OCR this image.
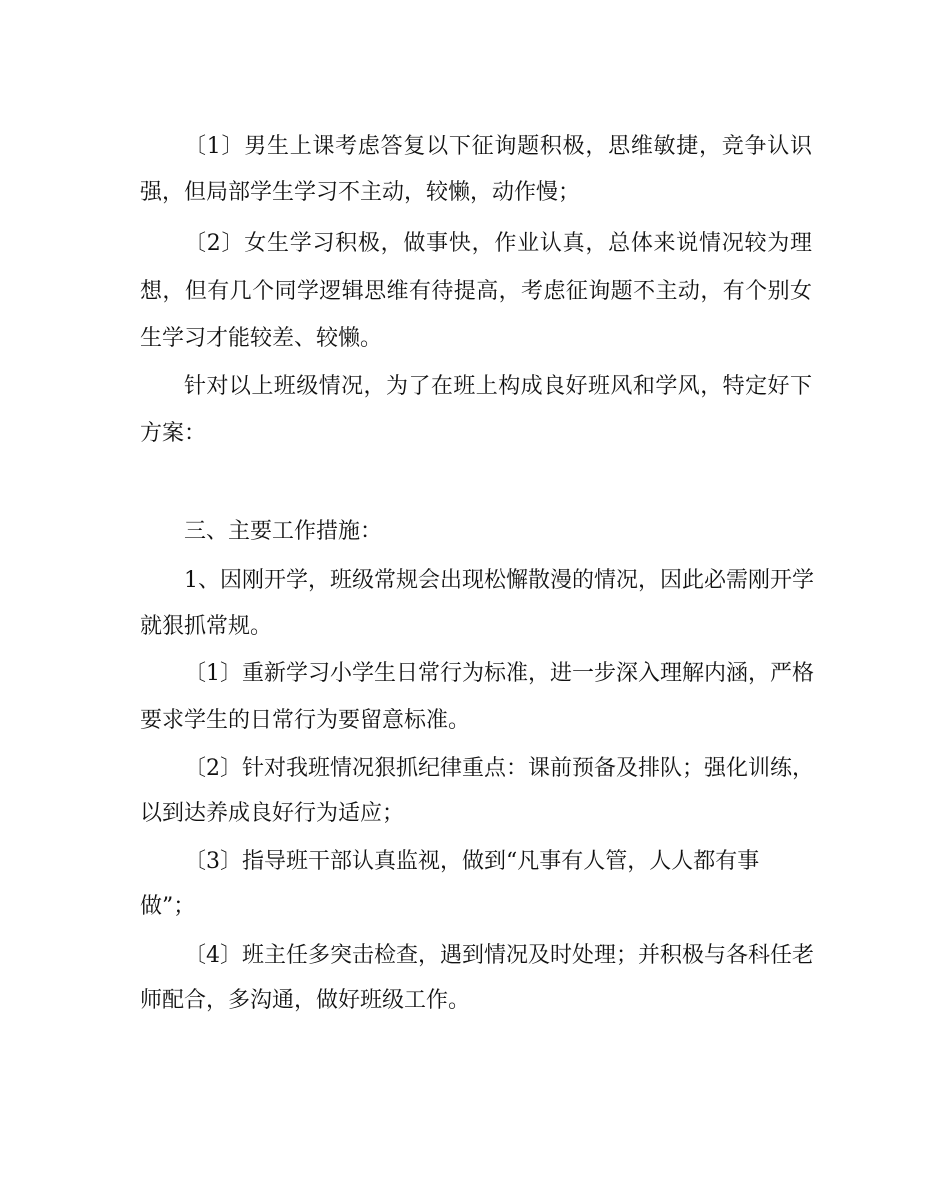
〔1〕男生上课考虑答复以下征询题积极，思维敏捷，竞争认识
强，但局部学生学习不主动，较懒，动作慢；
〔2〕女生学习积极，做事快，作业认真，总体来说情况较为理
想，但有几个同学逻辑思维有待提高，考虑征询题不主动，有个别女
生学习才能较差、较懒。
针对以上班级情况，为了在班上构成良好班风和学风，特定好下
方案：
三、主要工作措施：
1、因刚开学，班级常规会出现松懈散漫的情况，因此必需刚开学
就狠抓常规。
〔1〕重新学习小学生日常行为标准，进一步深入理解内涵，严格
要求学生的日常行为要留意标准。
〔2〕针对我班情况狠抓纪律重点：课前预备及排队；强化训练，
以到达养成良好行为适应；
〔3〕指导班干部认真监视，做到“凡事有人管，人人都有事
做”；
〔4〕班主任多突击检查，遇到情况及时处理；并积极与各科任老
师配合，多沟通，做好班级工作。
